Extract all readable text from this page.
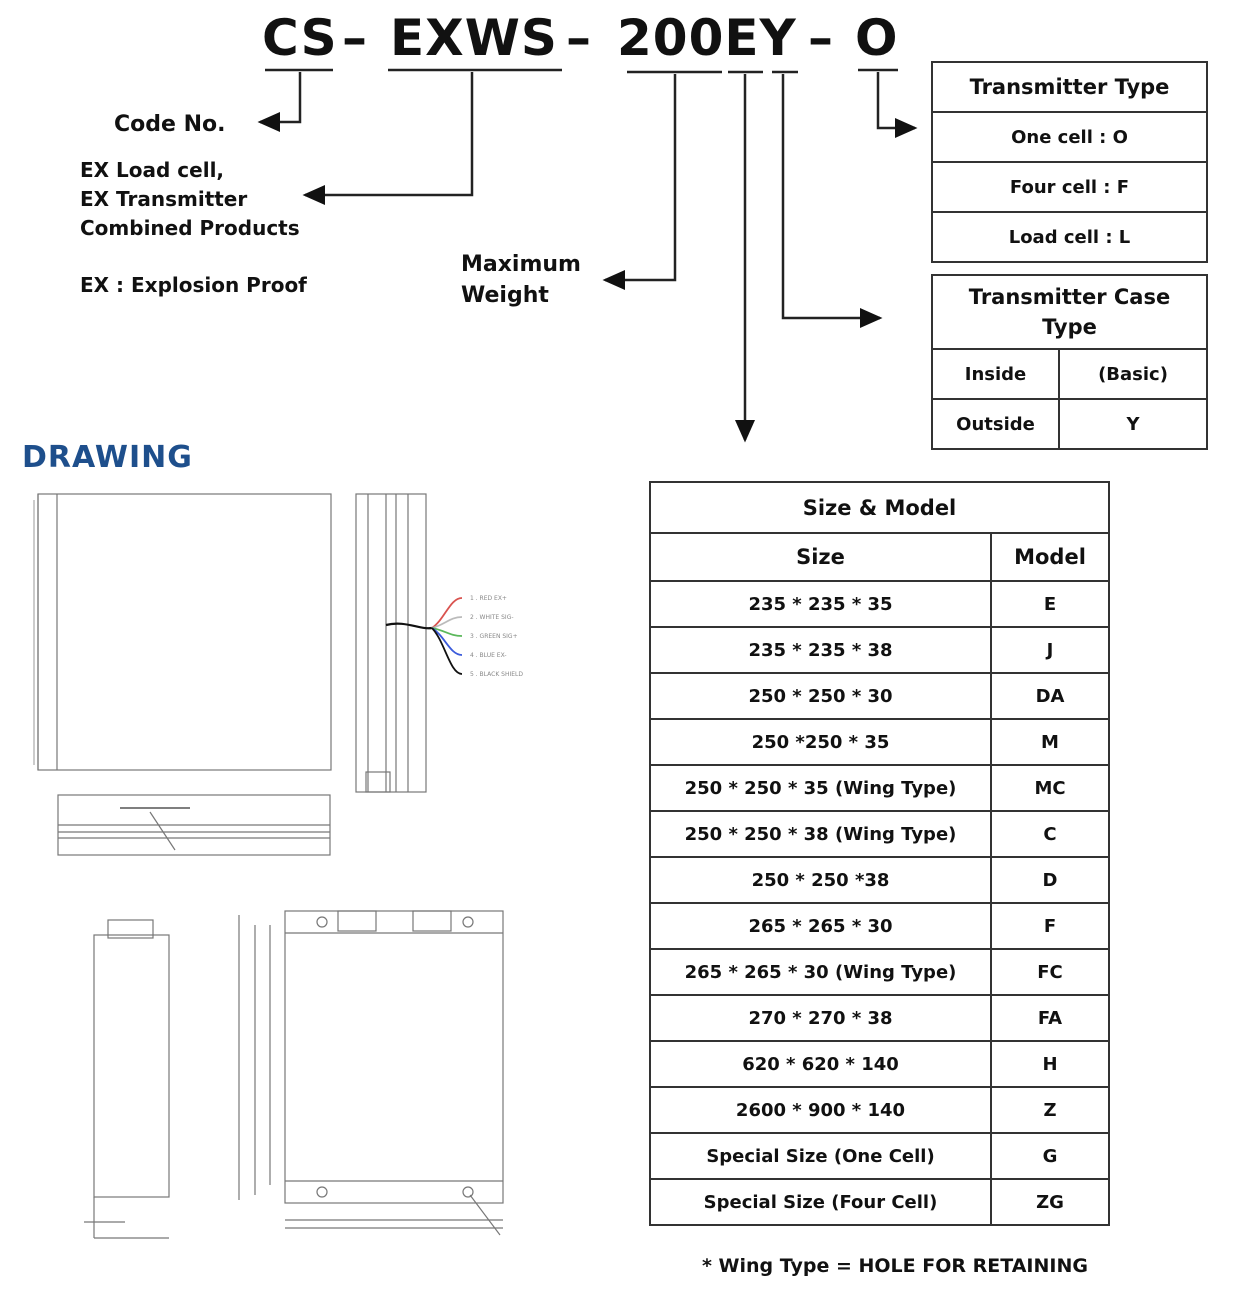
CS – EXWS – 200EY – O
Code No.
EX Load cell,
EX Transmitter
Combined Products
EX : Explosion Proof
Maximum
Weight
Transmitter Type
One cell : O
Four cell : F
Load cell : L
Transmitter Case
Type	

Inside	(Basic)
Outside	Y
DRAWING
1 . RED EX+
2 . WHITE SIG-
3 . GREEN SIG+
4 . BLUE EX-
5 . BLACK SHIELD
Size & Model	
Size	Model
235 * 235 * 35	E
235 * 235 * 38	J
250 * 250 * 30	DA
250 *250 * 35	M
250 * 250 * 35 (Wing Type)	MC
250 * 250 * 38 (Wing Type)	C
250 * 250 *38	D
265 * 265 * 30	F
265 * 265 * 30 (Wing Type)	FC
270 * 270 * 38	FA
620 * 620 * 140	H
2600 * 900 * 140	Z
Special Size (One Cell)	G
Special Size (Four Cell)	ZG
* Wing Type = HOLE FOR RETAINING
